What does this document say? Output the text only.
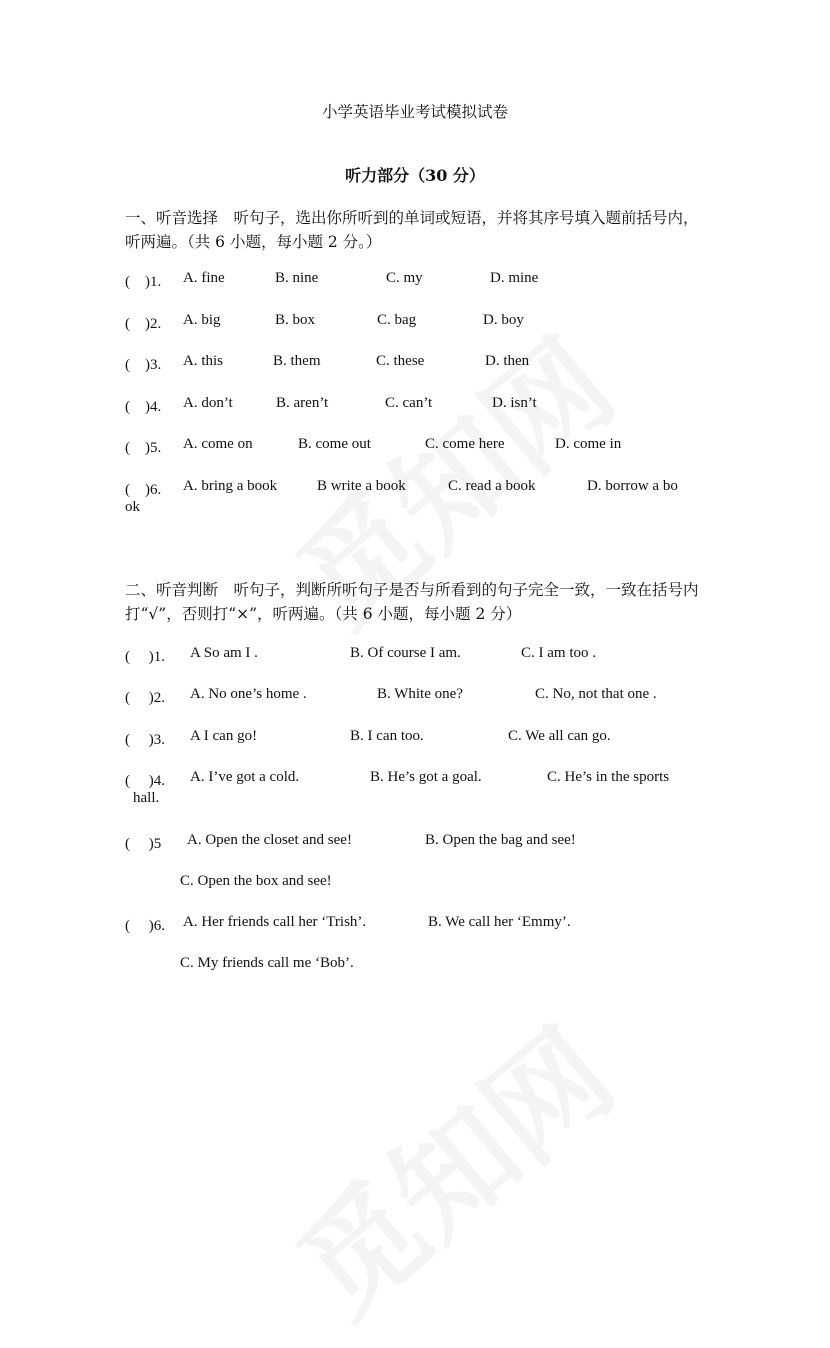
小学英语毕业考试模拟试卷
听力部分（30 分）
一、听音选择　听句子，选出你所听到的单词或短语，并将其序号填入题前括号内，听两遍。（共 6 小题，每小题 2 分。）
(　)1. A. fine	B. nine	C. my	D. mine
(　)2. A. big	B. box	C. bag	D. boy
(　)3. A. this	B. them	C. these	D. then
(　)4. A. don’t	B. aren’t	C. can’t	D. isn’t
(　)5. A. come on	B. come out	C. come here	D. come in
(　)6. A. bring a book	B write a book	C. read a book	D. borrow a bo
ok
二、听音判断　听句子，判断所听句子是否与所看到的句子完全一致，一致在括号内打“√”，否则打“×”，听两遍。（共 6 小题，每小题 2 分）
(　 )1. A So am I .	B. Of course I am.	C. I am too .
(　 )2. A. No one’s home .	B. White one?	C. No, not that one .
(　 )3. A I can go!	B. I can too.	C. We all can go.
(　 )4. A. I’ve got a cold.	B. He’s got a goal.	C. He’s in the sports
hall.
(　 )5 A. Open the closet and see!	B. Open the bag and see!
C. Open the box and see!
(　 )6. A. Her friends call her ‘Trish’.	B. We call her ‘Emmy’.
C. My friends call me ‘Bob’.
